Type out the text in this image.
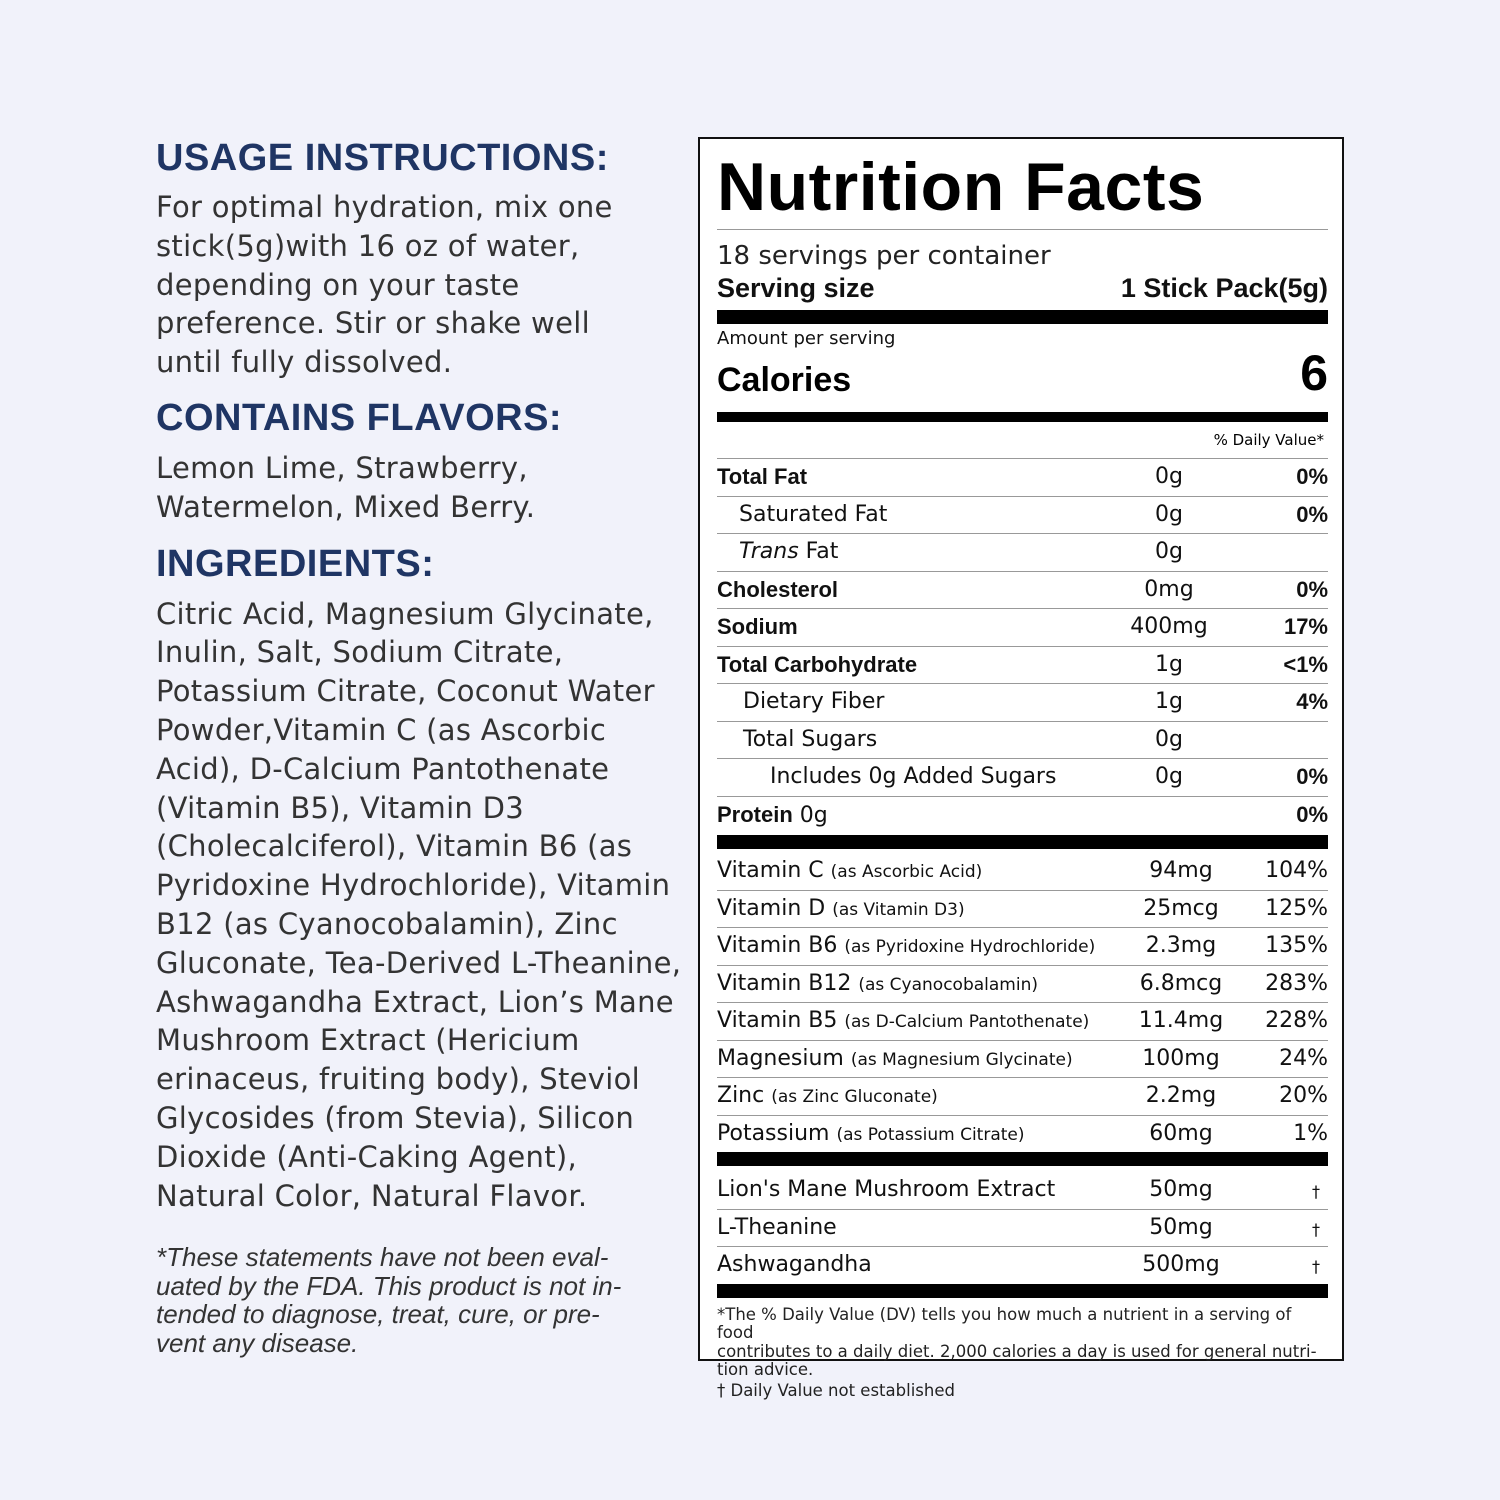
USAGE INSTRUCTIONS:
For optimal hydration, mix one
stick(5g)with 16 oz of water,
depending on your taste
preference. Stir or shake well
until fully dissolved.
CONTAINS FLAVORS:
Lemon Lime, Strawberry,
Watermelon, Mixed Berry.
INGREDIENTS:
Citric Acid, Magnesium Glycinate,
Inulin, Salt, Sodium Citrate,
Potassium Citrate, Coconut Water
Powder,Vitamin C (as Ascorbic
Acid), D-Calcium Pantothenate
(Vitamin B5), Vitamin D3
(Cholecalciferol), Vitamin B6 (as
Pyridoxine Hydrochloride), Vitamin
B12 (as Cyanocobalamin), Zinc
Gluconate, Tea-Derived L-Theanine,
Ashwagandha Extract, Lion’s Mane
Mushroom Extract (Hericium
erinaceus, fruiting body), Steviol
Glycosides (from Stevia), Silicon
Dioxide (Anti-Caking Agent),
Natural Color, Natural Flavor.
*These statements have not been eval-
uated by the FDA. This product is not in-
tended to diagnose, treat, cure, or pre-
vent any disease.
Nutrition Facts
18 servings per container
Serving size	1 Stick Pack(5g)
Amount per serving
Calories	6
% Daily Value*
Total Fat	0g	0%
Saturated Fat	0g	0%
Trans Fat	0g
Cholesterol	0mg	0%
Sodium	400mg	17%
Total Carbohydrate	1g	<1%
Dietary Fiber	1g	4%
Total Sugars	0g
Includes 0g Added Sugars	0g	0%
Protein 0g	0%
Vitamin C (as Ascorbic Acid)	94mg	104%
Vitamin D (as Vitamin D3)	25mcg	125%
Vitamin B6 (as Pyridoxine Hydrochloride)	2.3mg	135%
Vitamin B12 (as Cyanocobalamin)	6.8mcg	283%
Vitamin B5 (as D-Calcium Pantothenate)	11.4mg	228%
Magnesium (as Magnesium Glycinate)	100mg	24%
Zinc (as Zinc Gluconate)	2.2mg	20%
Potassium (as Potassium Citrate)	60mg	1%
Lion's Mane Mushroom Extract	50mg	†
L-Theanine	50mg	†
Ashwagandha	500mg	†
*The % Daily Value (DV) tells you how much a nutrient in a serving of food
contributes to a daily diet. 2,000 calories a day is used for general nutri-
tion advice.
† Daily Value not established
